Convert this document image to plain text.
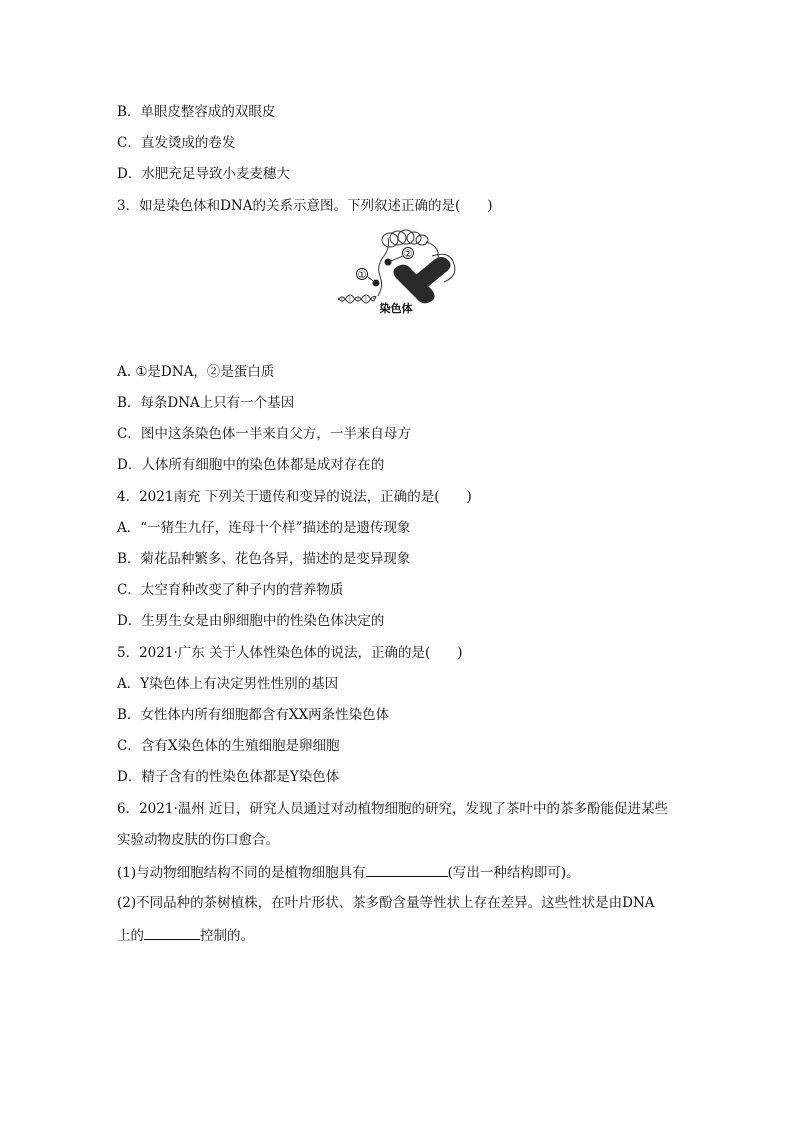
B．单眼皮整容成的双眼皮
C．直发烫成的卷发
D．水肥充足导致小麦麦穗大
3．如是染色体和DNA的关系示意图。下列叙述正确的是(　　)
①
②
染色体
A. ①是DNA，②是蛋白质
B．每条DNA上只有一个基因
C．图中这条染色体一半来自父方，一半来自母方
D．人体所有细胞中的染色体都是成对存在的
4．2021南充 下列关于遗传和变异的说法，正确的是(　　)
A．“一猪生九仔，连母十个样”描述的是遗传现象
B．菊花品种繁多、花色各异，描述的是变异现象
C．太空育种改变了种子内的营养物质
D．生男生女是由卵细胞中的性染色体决定的
5．2021·广东 关于人体性染色体的说法，正确的是(　　)
A．Y染色体上有决定男性性别的基因
B．女性体内所有细胞都含有XX两条性染色体
C．含有X染色体的生殖细胞是卵细胞
D．精子含有的性染色体都是Y染色体
6．2021·温州 近日，研究人员通过对动植物细胞的研究，发现了茶叶中的茶多酚能促进某些
实验动物皮肤的伤口愈合。
(1)与动物细胞结构不同的是植物细胞具有	(写出一种结构即可)。
(2)不同品种的茶树植株，在叶片形状、茶多酚含量等性状上存在差异。这些性状是由DNA
上的	控制的。
